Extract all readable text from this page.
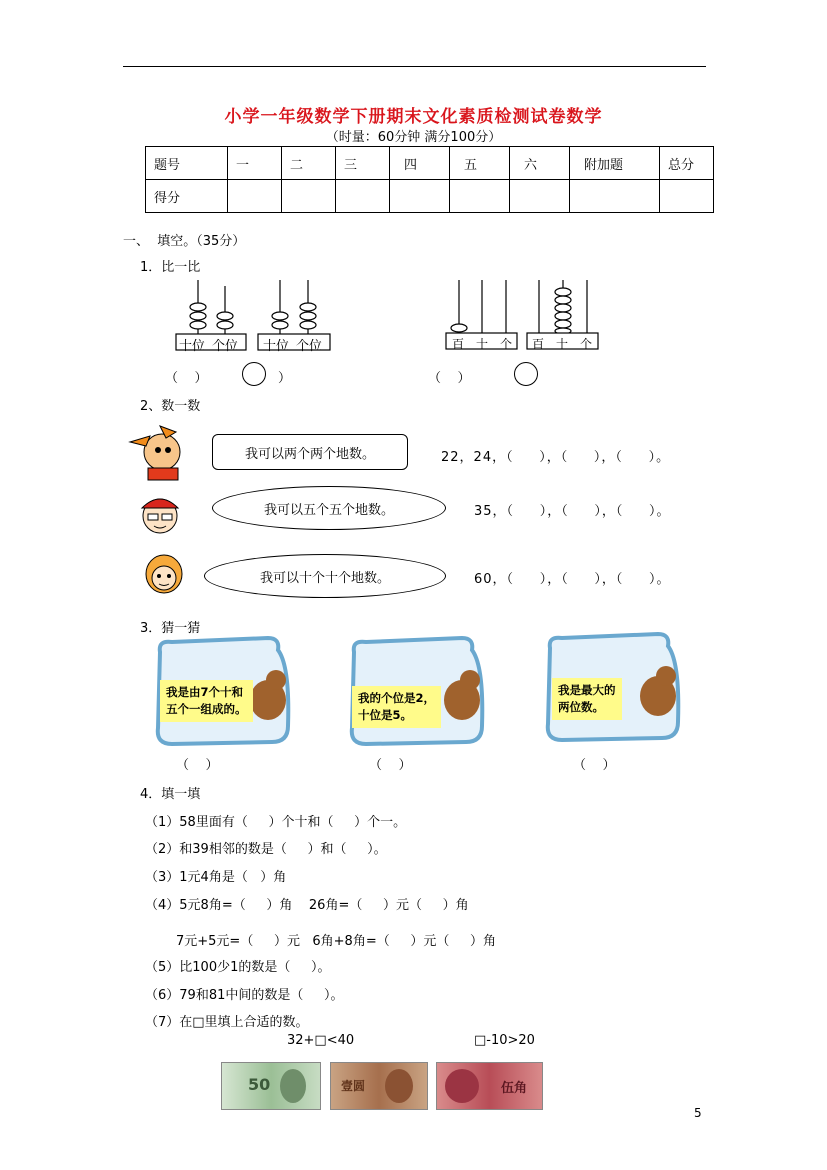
小学一年级数学下册期末文化素质检测试卷数学
（时量：60分钟 满分100分）
题号	一	二	三	四	五	六	附加题	总分
得分								
一、  填空。（35分）
1．比一比
十位 个位 十位 个位	百 十 个 百 十 个
（    ）	）	（    ）
2、数一数
我可以两个两个地数。
我可以五个五个地数。
我可以十个十个地数。
22，24，（     ），（     ），（     ）。
35，（     ），（     ），（     ）。
60，（     ），（     ），（     ）。
3．猜一猜
我是由7个十和
五个一组成的。
我的个位是2，
十位是5。
我是最大的
两位数。
（    ）	（    ）	（    ）
4．填一填
（1）58里面有（     ）个十和（     ）个一。
（2）和39相邻的数是（     ）和（     ）。
（3）1元4角是（   ）角
（4）5元8角=（     ）角    26角=（     ）元（     ）角
7元+5元=（     ）元   6角+8角=（     ）元（     ）角
（5）比100少1的数是（     ）。
（6）79和81中间的数是（     ）。
（7）在□里填上合适的数。
32+□<40	□-10>20
50	壹圆	伍角
5
